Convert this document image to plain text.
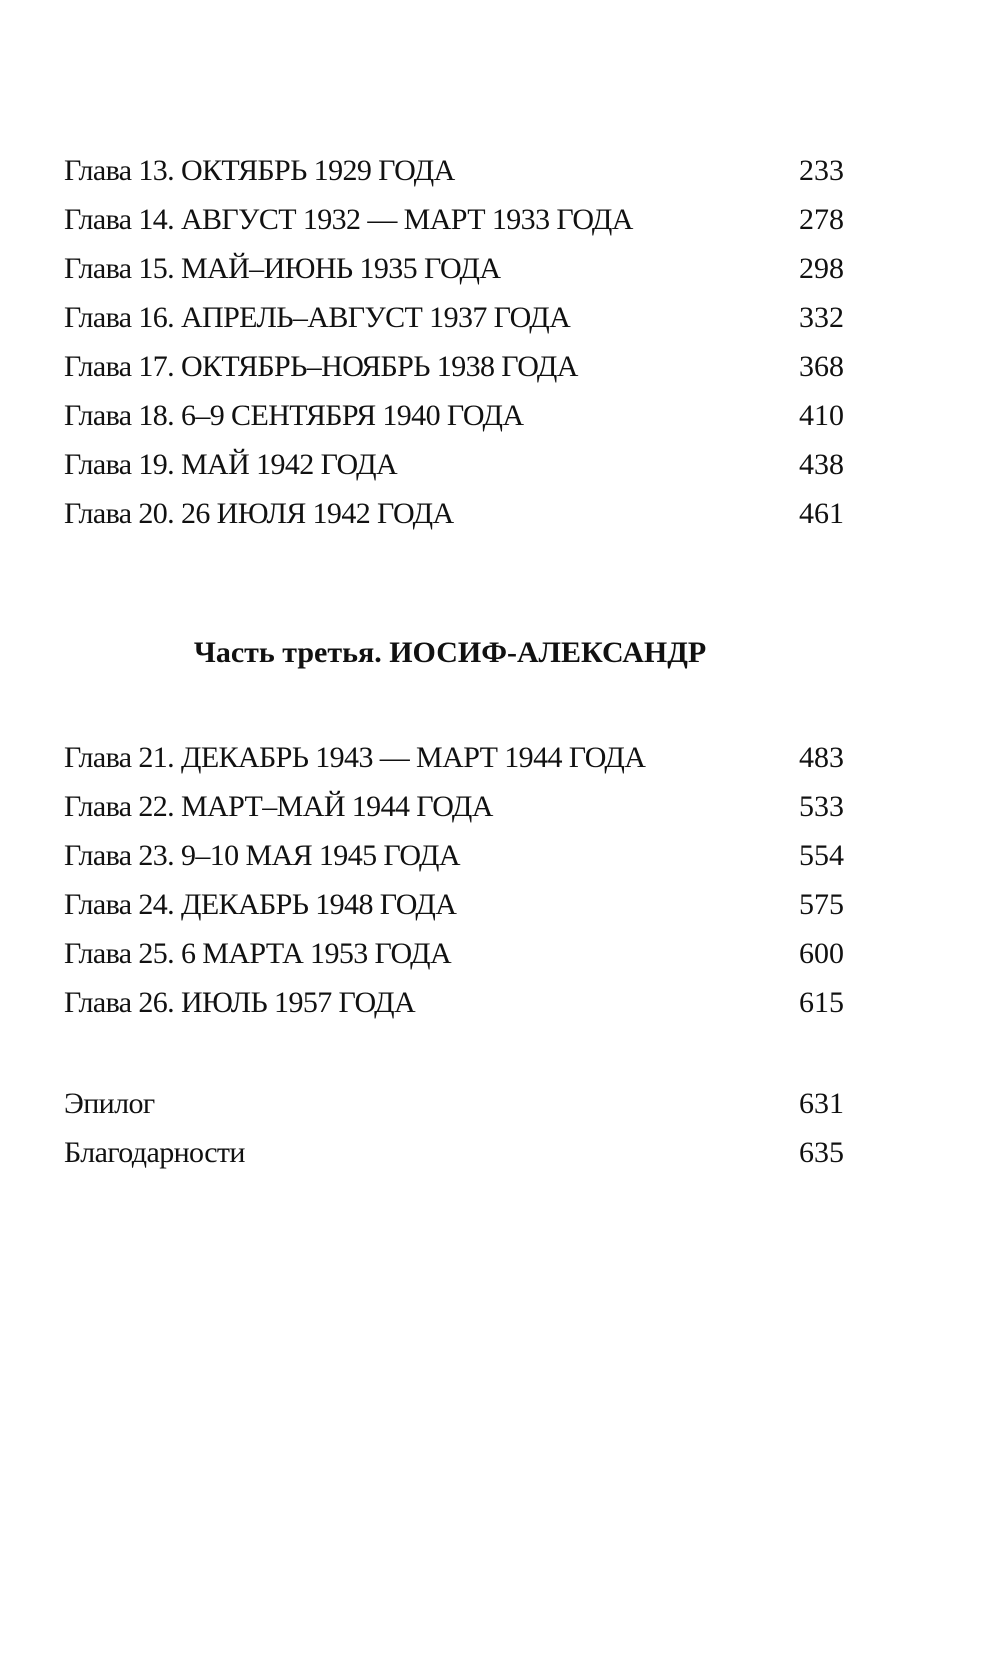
Глава 13. ОКТЯБРЬ 1929 ГОДА	233
Глава 14. АВГУСТ 1932 — МАРТ 1933 ГОДА	278
Глава 15. МАЙ–ИЮНЬ 1935 ГОДА	298
Глава 16. АПРЕЛЬ–АВГУСТ 1937 ГОДА	332
Глава 17. ОКТЯБРЬ–НОЯБРЬ 1938 ГОДА	368
Глава 18. 6–9 СЕНТЯБРЯ 1940 ГОДА	410
Глава 19. МАЙ 1942 ГОДА	438
Глава 20. 26 ИЮЛЯ 1942 ГОДА	461
Часть третья. ИОСИФ-АЛЕКСАНДР
Глава 21. ДЕКАБРЬ 1943 — МАРТ 1944 ГОДА	483
Глава 22. МАРТ–МАЙ 1944 ГОДА	533
Глава 23. 9–10 МАЯ 1945 ГОДА	554
Глава 24. ДЕКАБРЬ 1948 ГОДА	575
Глава 25. 6 МАРТА 1953 ГОДА	600
Глава 26. ИЮЛЬ 1957 ГОДА	615
Эпилог	631
Благодарности	635
